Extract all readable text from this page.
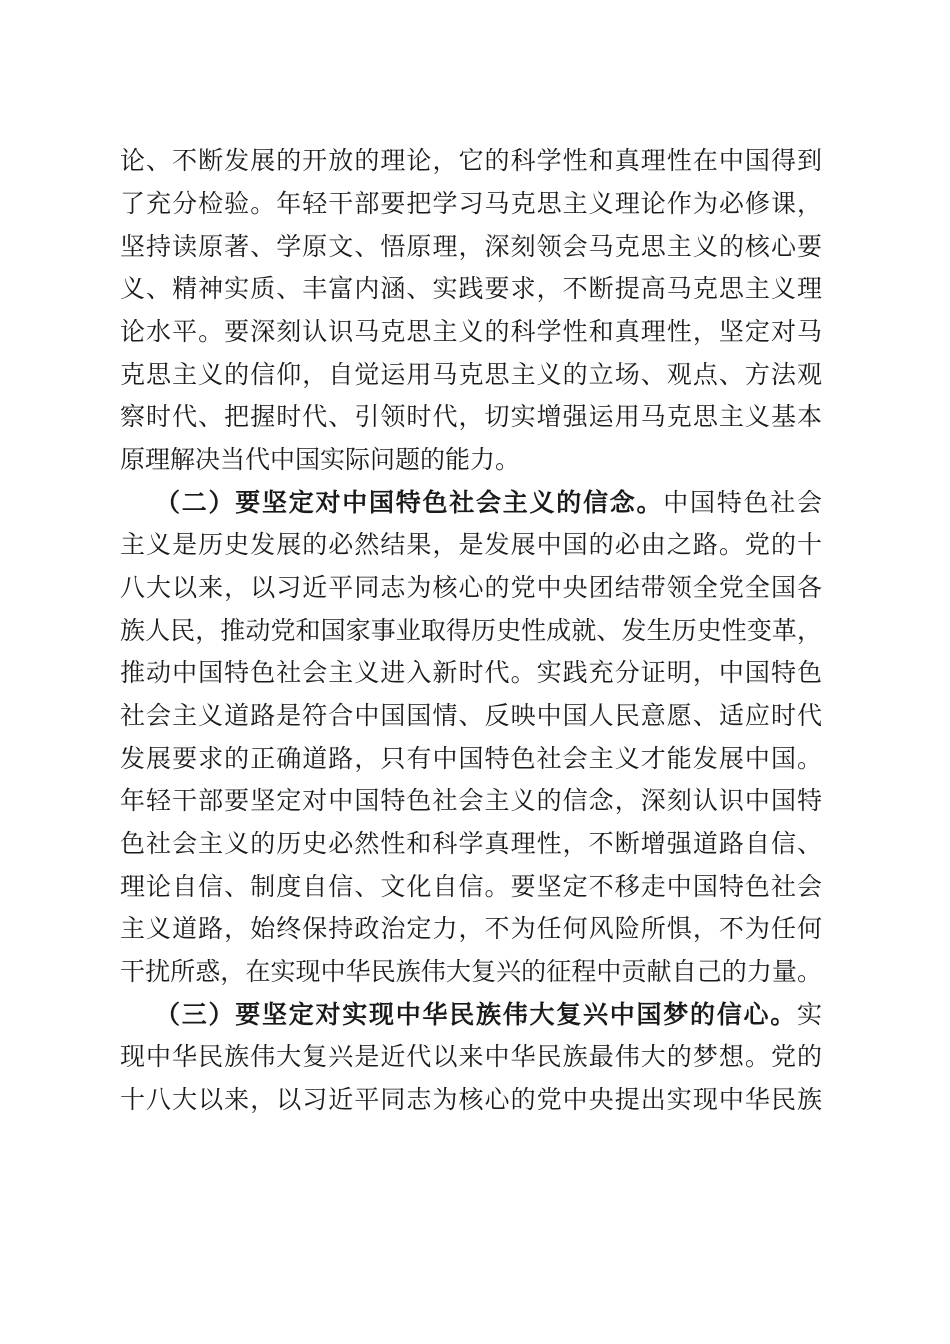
论、不断发展的开放的理论，它的科学性和真理性在中国得到
了充分检验。年轻干部要把学习马克思主义理论作为必修课，
坚持读原著、学原文、悟原理，深刻领会马克思主义的核心要
义、精神实质、丰富内涵、实践要求，不断提高马克思主义理
论水平。要深刻认识马克思主义的科学性和真理性，坚定对马
克思主义的信仰，自觉运用马克思主义的立场、观点、方法观
察时代、把握时代、引领时代，切实增强运用马克思主义基本
原理解决当代中国实际问题的能力。
（二）要坚定对中国特色社会主义的信念。中国特色社会
主义是历史发展的必然结果，是发展中国的必由之路。党的十
八大以来，以习近平同志为核心的党中央团结带领全党全国各
族人民，推动党和国家事业取得历史性成就、发生历史性变革，
推动中国特色社会主义进入新时代。实践充分证明，中国特色
社会主义道路是符合中国国情、反映中国人民意愿、适应时代
发展要求的正确道路，只有中国特色社会主义才能发展中国。
年轻干部要坚定对中国特色社会主义的信念，深刻认识中国特
色社会主义的历史必然性和科学真理性，不断增强道路自信、
理论自信、制度自信、文化自信。要坚定不移走中国特色社会
主义道路，始终保持政治定力，不为任何风险所惧，不为任何
干扰所惑，在实现中华民族伟大复兴的征程中贡献自己的力量。
（三）要坚定对实现中华民族伟大复兴中国梦的信心。实
现中华民族伟大复兴是近代以来中华民族最伟大的梦想。党的
十八大以来，以习近平同志为核心的党中央提出实现中华民族
